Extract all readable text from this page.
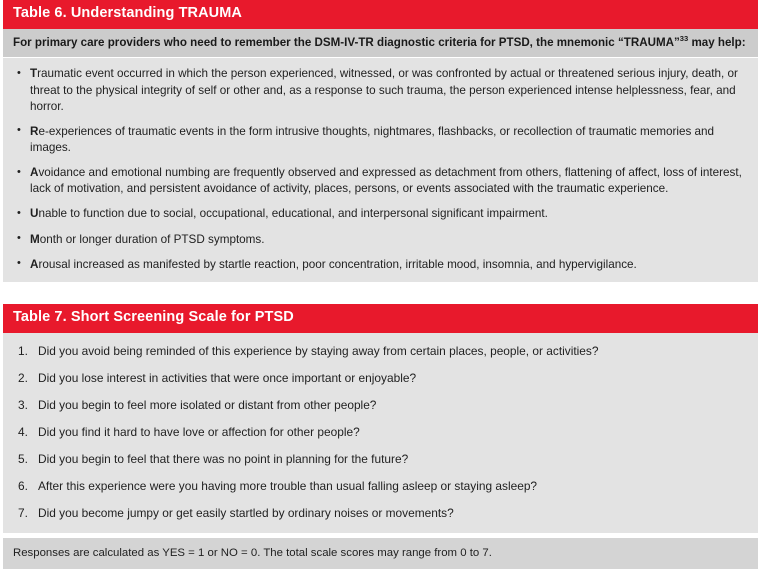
Table 6. Understanding TRAUMA
For primary care providers who need to remember the DSM-IV-TR diagnostic criteria for PTSD, the mnemonic “TRAUMA”$^{33}$ may help:
• Traumatic event occurred in which the person experienced, witnessed, or was confronted by actual or threatened serious injury, death, or threat to the physical integrity of self or other and, as a response to such trauma, the person experienced intense helplessness, fear, and horror.
• Re-experiences of traumatic events in the form intrusive thoughts, nightmares, flashbacks, or recollection of traumatic memories and images.
• Avoidance and emotional numbing are frequently observed and expressed as detachment from others, flattening of affect, loss of interest, lack of motivation, and persistent avoidance of activity, places, persons, or events associated with the traumatic experience.
• Unable to function due to social, occupational, educational, and interpersonal significant impairment.
• Month or longer duration of PTSD symptoms.
• Arousal increased as manifested by startle reaction, poor concentration, irritable mood, insomnia, and hypervigilance.
Table 7. Short Screening Scale for PTSD
1. Did you avoid being reminded of this experience by staying away from certain places, people, or activities?
2. Did you lose interest in activities that were once important or enjoyable?
3. Did you begin to feel more isolated or distant from other people?
4. Did you find it hard to have love or affection for other people?
5. Did you begin to feel that there was no point in planning for the future?
6. After this experience were you having more trouble than usual falling asleep or staying asleep?
7. Did you become jumpy or get easily startled by ordinary noises or movements?
Responses are calculated as YES = 1 or NO = 0. The total scale scores may range from 0 to 7.
